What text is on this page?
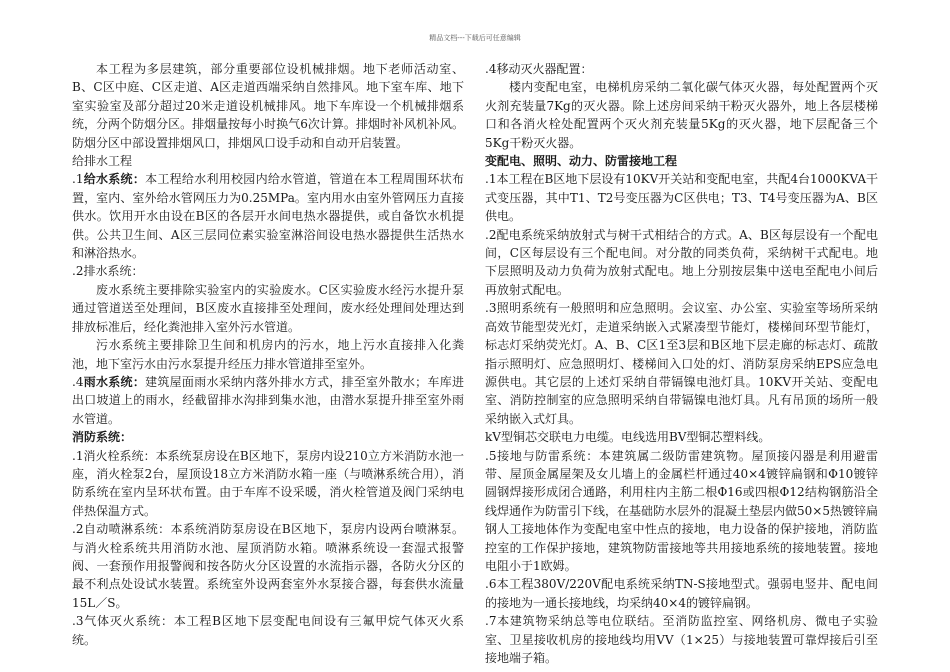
精品文档---下载后可任意编辑

本工程为多层建筑，部分重要部位设机械排烟。地下老师活动室、B、C区中庭、C区走道、A区走道西端采纳自然排风。地下室车库、地下室实验室及部分超过20米走道设机械排风。地下车库设一个机械排烟系统，分两个防烟分区。排烟量按每小时换气6次计算。排烟时补风机补风。防烟分区中部设置排烟风口，排烟风口设手动和自动开启装置。

给排水工程

.1给水系统：本工程给水利用校园内给水管道，管道在本工程周围环状布置，室内、室外给水管网压力为0.25MPa。室内用水由室外管网压力直接供水。饮用开水由设在B区的各层开水间电热水器提供，或自备饮水机提供。公共卫生间、A区三层同位素实验室淋浴间设电热水器提供生活热水和淋浴热水。

.2排水系统：

废水系统主要排除实验室内的实验废水。C区实验废水经污水提升泵通过管道送至处理间，B区废水直接排至处理间，废水经处理间处理达到排放标准后，经化粪池排入室外污水管道。

污水系统主要排除卫生间和机房内的污水，地上污水直接排入化粪池，地下室污水由污水泵提升经压力排水管道排至室外。

.4雨水系统：建筑屋面雨水采纳内落外排水方式，排至室外散水；车库进出口坡道上的雨水，经截留排水沟排到集水池，由潜水泵提升排至室外雨水管道。

消防系统：

.1消火栓系统：本系统泵房设在B区地下，泵房内设210立方米消防水池一座，消火栓泵2台，屋顶设18立方米消防水箱一座（与喷淋系统合用），消防系统在室内呈环状布置。由于车库不设采暖，消火栓管道及阀门采纳电伴热保温方式。

.2自动喷淋系统：本系统消防泵房设在B区地下，泵房内设两台喷淋泵。与消火栓系统共用消防水池、屋顶消防水箱。喷淋系统设一套湿式报警阀、一套预作用报警阀和按各防火分区设置的水流指示器，各防火分区的最不利点处设试水装置。系统室外设两套室外水泵接合器，每套供水流量15L／S。

.3气体灭火系统：本工程B区地下层变配电间设有三氟甲烷气体灭火系统。

.4移动灭火器配置：

楼内变配电室，电梯机房采纳二氧化碳气体灭火器，每处配置两个灭火剂充装量7Kg的灭火器。除上述房间采纳干粉灭火器外，地上各层楼梯口和各消火栓处配置两个灭火剂充装量5Kg的灭火器，地下层配备三个5Kg干粉灭火器。

变配电、照明、动力、防雷接地工程

.1本工程在B区地下层设有10KV开关站和变配电室，共配4台1000KVA干式变压器，其中T1、T2号变压器为C区供电；T3、T4号变压器为A、B区供电。

.2配电系统采纳放射式与树干式相结合的方式。A、B区每层设有一个配电间，C区每层设有三个配电间。对分散的同类负荷，采纳树干式配电。地下层照明及动力负荷为放射式配电。地上分别按层集中送电至配电小间后再放射式配电。

.3照明系统有一般照明和应急照明。会议室、办公室、实验室等场所采纳高效节能型荧光灯，走道采纳嵌入式紧凑型节能灯，楼梯间环型节能灯，标志灯采纳荧光灯。A、B、C区1至3层和B区地下层走廊的标志灯、疏散指示照明灯、应急照明灯、楼梯间入口处的灯、消防泵房采纳EPS应急电源供电。其它层的上述灯采纳自带镉镍电池灯具。10KV开关站、变配电室、消防控制室的应急照明采纳自带镉镍电池灯具。凡有吊顶的场所一般采纳嵌入式灯具。

kV型铜芯交联电力电缆。电线选用BV型铜芯塑料线。

.5接地与防雷系统：本建筑属二级防雷建筑物。屋顶接闪器是利用避雷带、屋顶金属屋架及女儿墙上的金属栏杆通过40×4镀锌扁钢和Φ10镀锌圆钢焊接形成闭合通路，利用柱内主筋二根Φ16或四根Φ12结构钢筋沿全线焊通作为防雷引下线，在基础防水层外的混凝土垫层内做50×5热镀锌扁钢人工接地体作为变配电室中性点的接地，电力设备的保护接地，消防监控室的工作保护接地，建筑物防雷接地等共用接地系统的接地装置。接地电阻小于1欧姆。

.6本工程380V/220V配电系统采纳TN-S接地型式。强弱电竖井、配电间的接地为一通长接地线，均采纳40×4的镀锌扁钢。

.7本建筑物采纳总等电位联结。至消防监控室、网络机房、微电子实验室、卫星接收机房的接地线均用VV（1×25）与接地装置可靠焊接后引至接地端子箱。
